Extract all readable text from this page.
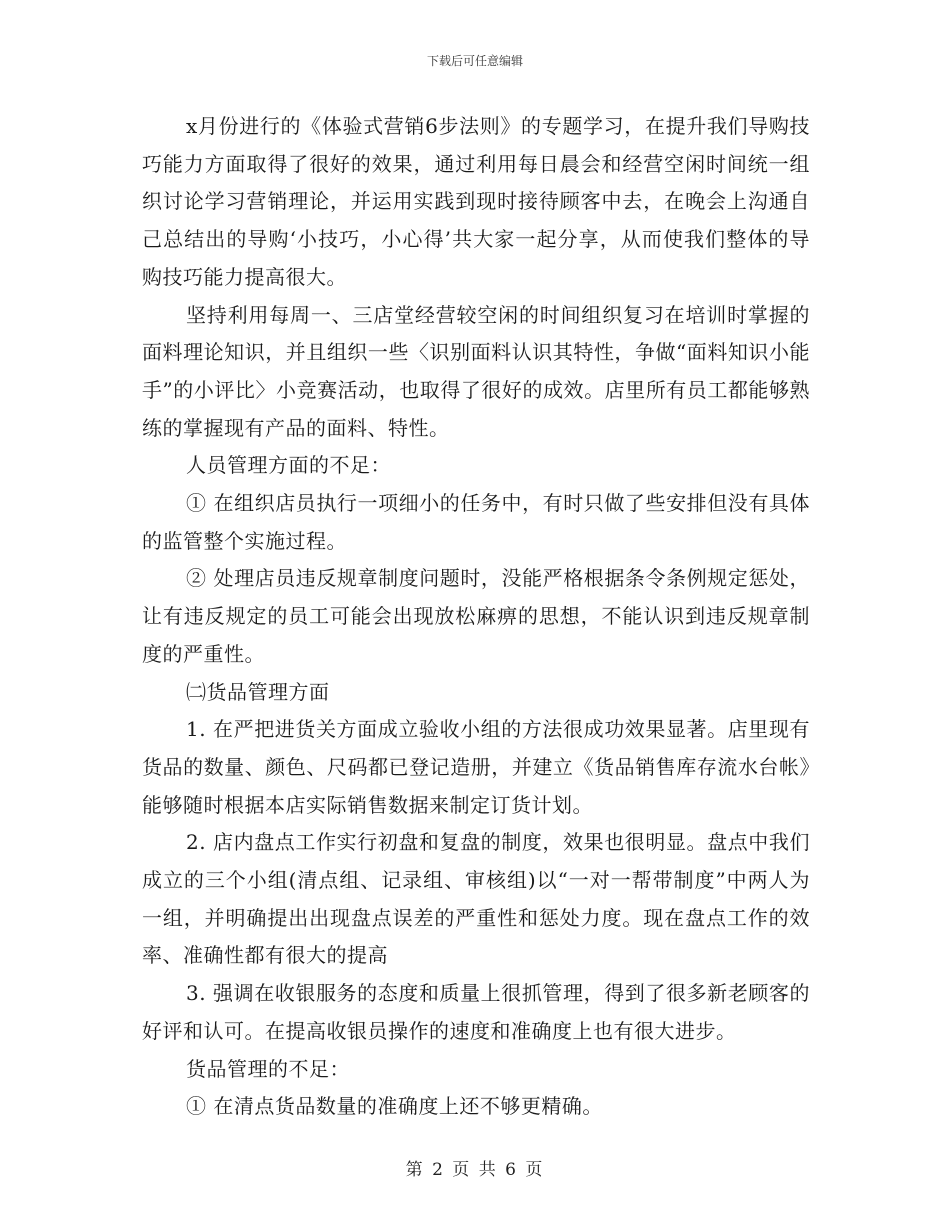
下载后可任意编辑

x月份进行的《体验式营销6步法则》的专题学习，在提升我们导购技巧能力方面取得了很好的效果，通过利用每日晨会和经营空闲时间统一组织讨论学习营销理论，并运用实践到现时接待顾客中去，在晚会上沟通自己总结出的导购‘小技巧，小心得’共大家一起分享，从而使我们整体的导购技巧能力提高很大。

坚持利用每周一、三店堂经营较空闲的时间组织复习在培训时掌握的面料理论知识，并且组织一些〈识别面料认识其特性，争做“面料知识小能手”的小评比〉小竞赛活动，也取得了很好的成效。店里所有员工都能够熟练的掌握现有产品的面料、特性。

人员管理方面的不足：

① 在组织店员执行一项细小的任务中，有时只做了些安排但没有具体的监管整个实施过程。

② 处理店员违反规章制度问题时，没能严格根据条令条例规定惩处，让有违反规定的员工可能会出现放松麻痹的思想，不能认识到违反规章制度的严重性。

㈡货品管理方面

1. 在严把进货关方面成立验收小组的方法很成功效果显著。店里现有货品的数量、颜色、尺码都已登记造册，并建立《货品销售库存流水台帐》能够随时根据本店实际销售数据来制定订货计划。

2. 店内盘点工作实行初盘和复盘的制度，效果也很明显。盘点中我们成立的三个小组(清点组、记录组、审核组)以“一对一帮带制度”中两人为一组，并明确提出出现盘点误差的严重性和惩处力度。现在盘点工作的效率、准确性都有很大的提高

3. 强调在收银服务的态度和质量上很抓管理，得到了很多新老顾客的好评和认可。在提高收银员操作的速度和准确度上也有很大进步。

货品管理的不足：

① 在清点货品数量的准确度上还不够更精确。

第 2 页 共 6 页
